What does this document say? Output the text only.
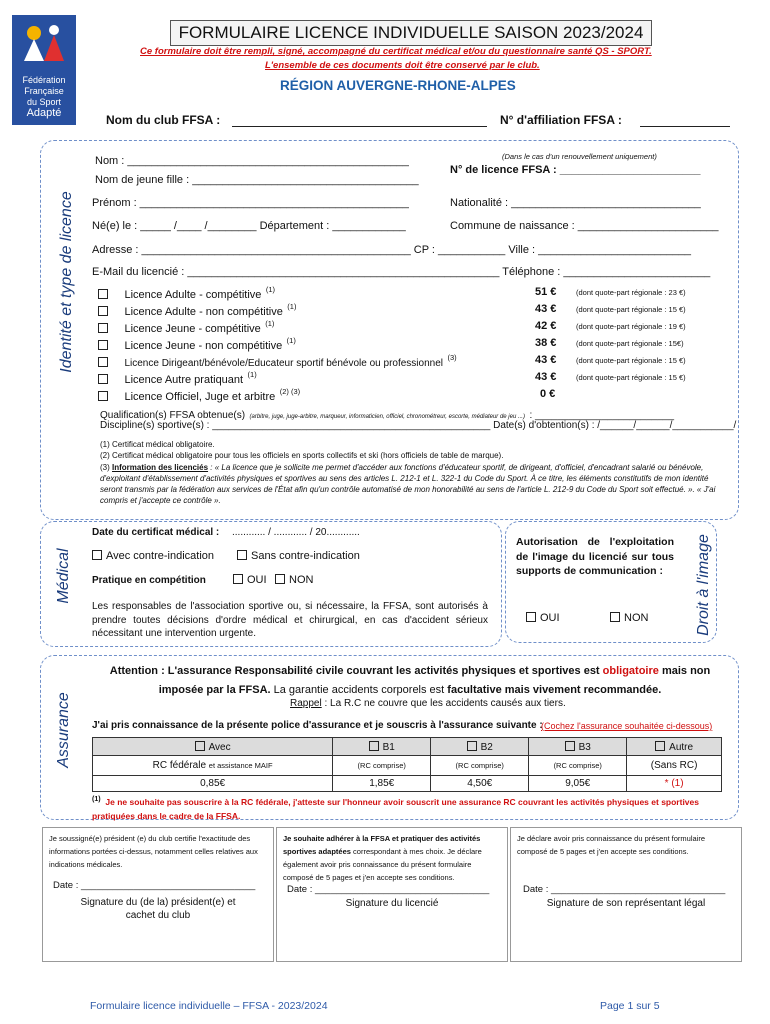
Fédération
Française
du Sport
Adapté
FORMULAIRE LICENCE INDIVIDUELLE SAISON 2023/2024
Ce formulaire doit être rempli, signé, accompagné du certificat médical et/ou du questionnaire santé QS - SPORT.
L'ensemble de ces documents doit être conservé par le club.
RÉGION AUVERGNE-RHONE-ALPES
Nom du club FFSA :	N° d'affiliation FFSA :
Identité et type de licence
Nom : ______________________________________________
Nom de jeune fille : _____________________________________
(Dans le cas d'un renouvellement uniquement)
N° de licence FFSA : _______________________
Prénom : ____________________________________________	Nationalité : _______________________________
Né(e) le : _____ /____ /________ Département : ____________	Commune de naissance : _______________________
Adresse : ____________________________________________ CP : ___________ Ville : _________________________
E-Mail du licencié : ___________________________________________________ Téléphone : ________________________
Licence Adulte - compétitive $^{(1)}$	51 €	(dont quote-part régionale : 23 €)
Licence Adulte - non compétitive $^{(1)}$	43 €	(dont quote-part régionale : 15 €)
Licence Jeune - compétitive $^{(1)}$	42 €	(dont quote-part régionale : 19 €)
Licence Jeune - non compétitive $^{(1)}$	38 €	(dont quote-part régionale : 15€)
Licence Dirigeant/bénévole/Educateur sportif bénévole ou professionnel $^{(3)}$	43 €	(dont quote-part régionale : 15 €)
Licence Autre pratiquant $^{(1)}$	43 €	(dont quote-part régionale : 15 €)
Licence Officiel, Juge et arbitre $^{(2) (3)}$	0 €
Qualification(s) FFSA obtenue(s) (arbitre, juge, juge-arbitre, marqueur, informaticien, officiel, chronométreur, escorte, médiateur de jeu ...) : _________________________
Discipline(s) sportive(s) : __________________________________________________ Date(s) d'obtention(s) : /______/______/___________/
(1) Certificat médical obligatoire.
(2) Certificat médical obligatoire pour tous les officiels en sports collectifs et ski (hors officiels de table de marque).
(3) Information des licenciés : « La licence que je sollicite me permet d'accéder aux fonctions d'éducateur sportif, de dirigeant, d'officiel, d'encadrant salarié ou bénévole, d'exploitant d'établissement d'activités physiques et sportives au sens des articles L. 212-1 et L. 322-1 du Code du Sport. À ce titre, les éléments constitutifs de mon identité seront transmis par la fédération aux services de l'État afin qu'un contrôle automatisé de mon honorabilité au sens de l'article L. 212-9 du Code du Sport soit effectué. ». « J'ai compris et j'accepte ce contrôle ».
Médical
Date du certificat médical : ............ / ............ / 20............
Avec contre-indication	Sans contre-indication
Pratique en compétition	OUI	NON
Les responsables de l'association sportive ou, si nécessaire, la FFSA, sont autorisés à prendre toutes décisions d'ordre médical et chirurgical, en cas d'accident sérieux nécessitant une intervention urgente.	Droit à l'image
Autorisation de l'exploitation de l'image du licencié sur tous supports de communication :
OUI	NON
Assurance
Attention : L'assurance Responsabilité civile couvrant les activités physiques et sportives est obligatoire mais non imposée par la FFSA. La garantie accidents corporels est facultative mais vivement recommandée.
Rappel : La R.C ne couvre que les accidents causés aux tiers.
J'ai pris connaissance de la présente police d'assurance et je souscris à l'assurance suivante :
(Cochez l'assurance souhaitée ci-dessous)
Avec	B1	B2	B3	Autre
RC fédérale et assistance MAIF	(RC comprise)	(RC comprise)	(RC comprise)	(Sans RC)
0,85€	1,85€	4,50€	9,05€	* (1)
$^{(1)}$ Je ne souhaite pas souscrire à la RC fédérale, j'atteste sur l'honneur avoir souscrit une assurance RC couvrant les activités physiques et sportives pratiquées dans le cadre de la FFSA.
Je soussigné(e) président (e) du club certifie l'exactitude des informations portées ci-dessus, notamment celles relatives aux indications médicales.
Date : _________________________________
Signature du (de la) président(e) et cachet du club
Je souhaite adhérer à la FFSA et pratiquer des activités sportives adaptées correspondant à mes choix. Je déclare également avoir pris connaissance du présent formulaire composé de 5 pages et j'en accepte ses conditions.
Date : _________________________________
Signature du licencié
Je déclare avoir pris connaissance du présent formulaire composé de 5 pages et j'en accepte ses conditions.
Date : _________________________________
Signature de son représentant légal
Formulaire licence individuelle – FFSA - 2023/2024	Page 1 sur 5
